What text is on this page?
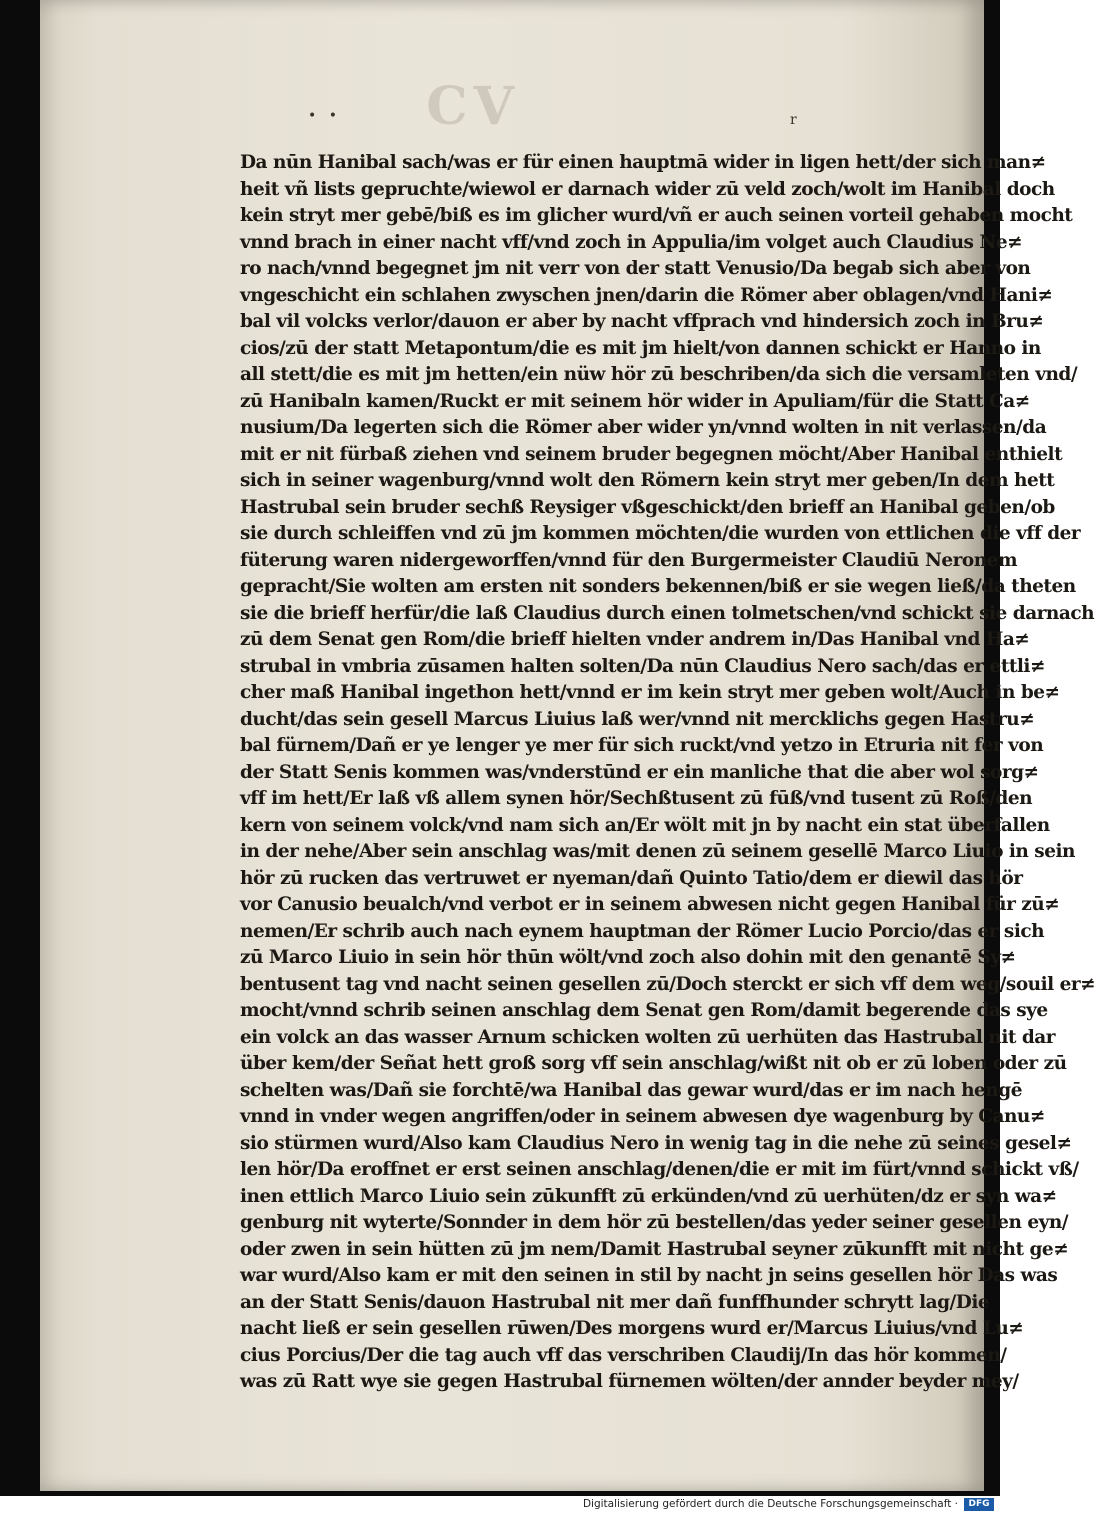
CV
• •	r
Da nūn Hanibal sach/was er für einen hauptmā wider in ligen hett/der sich man≠
heit vñ lists gepruchte/wiewol er darnach wider zū veld zoch/wolt im Hanibal doch
kein stryt mer gebē/biß es im glicher wurd/vñ er auch seinen vorteil gehaben mocht
vnnd brach in einer nacht vff/vnd zoch in Appulia/im volget auch Claudius Ne≠
ro nach/vnnd begegnet jm nit verr von der statt Venusio/Da begab sich aber von
vngeschicht ein schlahen zwyschen jnen/darin die Römer aber oblagen/vnd Hani≠
bal vil volcks verlor/dauon er aber by nacht vffprach vnd hindersich zoch in Bru≠
cios/zū der statt Metapontum/die es mit jm hielt/von dannen schickt er Hanno in
all stett/die es mit jm hetten/ein nüw hör zū beschriben/da sich die versamleten vnd/
zū Hanibaln kamen/Ruckt er mit seinem hör wider in Apuliam/für die Statt Ca≠
nusium/Da legerten sich die Römer aber wider yn/vnnd wolten in nit verlassen/da
mit er nit fürbaß ziehen vnd seinem bruder begegnen möcht/Aber Hanibal enthielt
sich in seiner wagenburg/vnnd wolt den Römern kein stryt mer geben/In dem hett
Hastrubal sein bruder sechß Reysiger vßgeschickt/den brieff an Hanibal geben/ob
sie durch schleiffen vnd zū jm kommen möchten/die wurden von ettlichen die vff der
füterung waren nidergeworffen/vnnd für den Burgermeister Claudiū Neronem
gepracht/Sie wolten am ersten nit sonders bekennen/biß er sie wegen ließ/da theten
sie die brieff herfür/die laß Claudius durch einen tolmetschen/vnd schickt sie darnach
zū dem Senat gen Rom/die brieff hielten vnder andrem in/Das Hanibal vnd Ha≠
strubal in vmbria zūsamen halten solten/Da nūn Claudius Nero sach/das er ettli≠
cher maß Hanibal ingethon hett/vnnd er im kein stryt mer geben wolt/Auch in be≠
ducht/das sein gesell Marcus Liuius laß wer/vnnd nit mercklichs gegen Hastru≠
bal fürnem/Dañ er ye lenger ye mer für sich ruckt/vnd yetzo in Etruria nit fer von
der Statt Senis kommen was/vnderstūnd er ein manliche that die aber wol sorg≠
vff im hett/Er laß vß allem synen hör/Sechßtusent zū fūß/vnd tusent zū Roß/den
kern von seinem volck/vnd nam sich an/Er wölt mit jn by nacht ein stat überfallen
in der nehe/Aber sein anschlag was/mit denen zū seinem gesellē Marco Liuio in sein
hör zū rucken das vertruwet er nyeman/dañ Quinto Tatio/dem er diewil das hör
vor Canusio beualch/vnd verbot er in seinem abwesen nicht gegen Hanibal für zū≠
nemen/Er schrib auch nach eynem hauptman der Römer Lucio Porcio/das er sich
zū Marco Liuio in sein hör thūn wölt/vnd zoch also dohin mit den genantē Sy≠
bentusent tag vnd nacht seinen gesellen zū/Doch sterckt er sich vff dem weg/souil er≠
mocht/vnnd schrib seinen anschlag dem Senat gen Rom/damit begerende das sye
ein volck an das wasser Arnum schicken wolten zū uerhüten das Hastrubal nit dar
über kem/der Señat hett groß sorg vff sein anschlag/wißt nit ob er zū loben oder zū
schelten was/Dañ sie forchtē/wa Hanibal das gewar wurd/das er im nach hengē
vnnd in vnder wegen angriffen/oder in seinem abwesen dye wagenburg by Canu≠
sio stürmen wurd/Also kam Claudius Nero in wenig tag in die nehe zū seines gesel≠
len hör/Da eroffnet er erst seinen anschlag/denen/die er mit im fürt/vnnd schickt vß/
inen ettlich Marco Liuio sein zūkunfft zū erkünden/vnd zū uerhüten/dz er syn wa≠
genburg nit wyterte/Sonnder in dem hör zū bestellen/das yeder seiner gesellen eyn/
oder zwen in sein hütten zū jm nem/Damit Hastrubal seyner zūkunfft mit nicht ge≠
war wurd/Also kam er mit den seinen in stil by nacht jn seins gesellen hör Das was
an der Statt Senis/dauon Hastrubal nit mer dañ funffhunder schrytt lag/Die
nacht ließ er sein gesellen rūwen/Des morgens wurd er/Marcus Liuius/vnd Lu≠
cius Porcius/Der die tag auch vff das verschriben Claudij/In das hör kommen/
was zū Ratt wye sie gegen Hastrubal fürnemen wölten/der annder beyder mey/
Digitalisierung gefördert durch die Deutsche Forschungsgemeinschaft ·	DFG
